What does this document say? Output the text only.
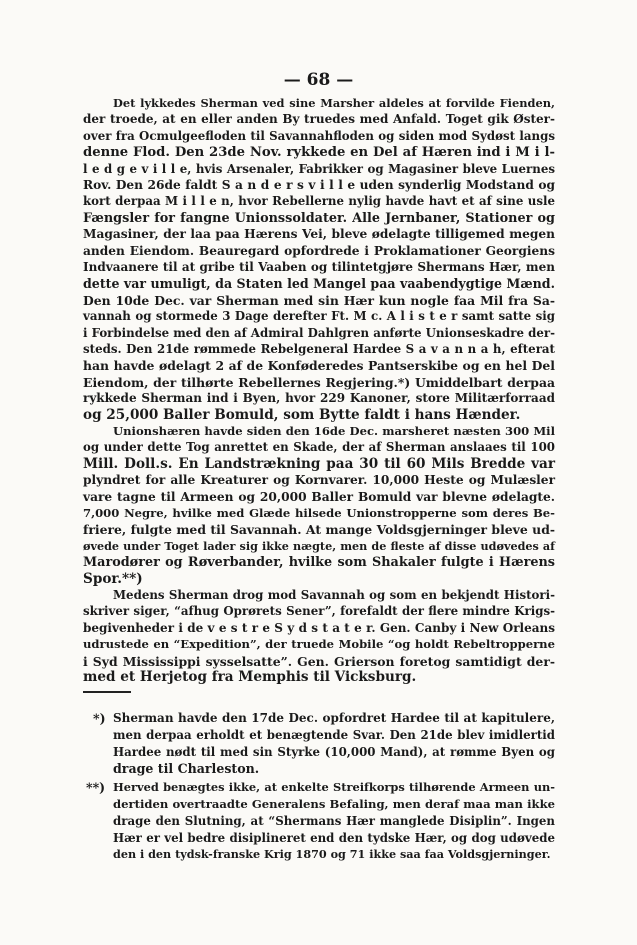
— 68 —
Det lykkedes Sherman ved sine Marsher aldeles at forvilde Fienden,
der troede, at en eller anden By truedes med Anfald. Toget gik Øster-
over fra Ocmulgeefloden til Savannahfloden og siden mod Sydøst langs
denne Flod. Den 23de Nov. rykkede en Del af Hæren ind i M i l-
l e d g e v i l l e, hvis Arsenaler, Fabrikker og Magasiner bleve Luernes
Rov. Den 26de faldt S a n d e r s v i l l e uden synderlig Modstand og
kort derpaa M i l l e n, hvor Rebellerne nylig havde havt et af sine usle
Fængsler for fangne Unionssoldater. Alle Jernbaner, Stationer og
Magasiner, der laa paa Hærens Vei, bleve ødelagte tilligemed megen
anden Eiendom. Beauregard opfordrede i Proklamationer Georgiens
Indvaanere til at gribe til Vaaben og tilintetgjøre Shermans Hær, men
dette var umuligt, da Staten led Mangel paa vaabendygtige Mænd.
Den 10de Dec. var Sherman med sin Hær kun nogle faa Mil fra Sa-
vannah og stormede 3 Dage derefter Ft. M c. A l i s t e r samt satte sig
i Forbindelse med den af Admiral Dahlgren anførte Unionseskadre der-
steds. Den 21de rømmede Rebelgeneral Hardee S a v a n n a h, efterat
han havde ødelagt 2 af de Konføderedes Pantserskibe og en hel Del
Eiendom, der tilhørte Rebellernes Regjering.*) Umiddelbart derpaa
rykkede Sherman ind i Byen, hvor 229 Kanoner, store Militærforraad
og 25,000 Baller Bomuld, som Bytte faldt i hans Hænder.
Unionshæren havde siden den 16de Dec. marsheret næsten 300 Mil
og under dette Tog anrettet en Skade, der af Sherman anslaaes til 100
Mill. Doll.s. En Landstrækning paa 30 til 60 Mils Bredde var
plyndret for alle Kreaturer og Kornvarer. 10,000 Heste og Mulæsler
vare tagne til Armeen og 20,000 Baller Bomuld var blevne ødelagte.
7,000 Negre, hvilke med Glæde hilsede Unionstropperne som deres Be-
friere, fulgte med til Savannah. At mange Voldsgjerninger bleve ud-
øvede under Toget lader sig ikke nægte, men de fleste af disse udøvedes af
Marodører og Røverbander, hvilke som Shakaler fulgte i Hærens
Spor.**)
Medens Sherman drog mod Savannah og som en bekjendt Histori-
skriver siger, “afhug Oprørets Sener”, forefaldt der flere mindre Krigs-
begivenheder i de v e s t r e S y d s t a t e r. Gen. Canby i New Orleans
udrustede en “Expedition”, der truede Mobile “og holdt Rebeltropperne
i Syd Mississippi sysselsatte”. Gen. Grierson foretog samtidigt der-
med et Herjetog fra Memphis til Vicksburg.
*) Sherman havde den 17de Dec. opfordret Hardee til at kapitulere,
men derpaa erholdt et benægtende Svar. Den 21de blev imidlertid
Hardee nødt til med sin Styrke (10,000 Mand), at rømme Byen og
drage til Charleston.
**) Herved benægtes ikke, at enkelte Streifkorps tilhørende Armeen un-
dertiden overtraadte Generalens Befaling, men deraf maa man ikke
drage den Slutning, at “Shermans Hær manglede Disiplin”. Ingen
Hær er vel bedre disiplineret end den tydske Hær, og dog udøvede
den i den tydsk-franske Krig 1870 og 71 ikke saa faa Voldsgjerninger.
